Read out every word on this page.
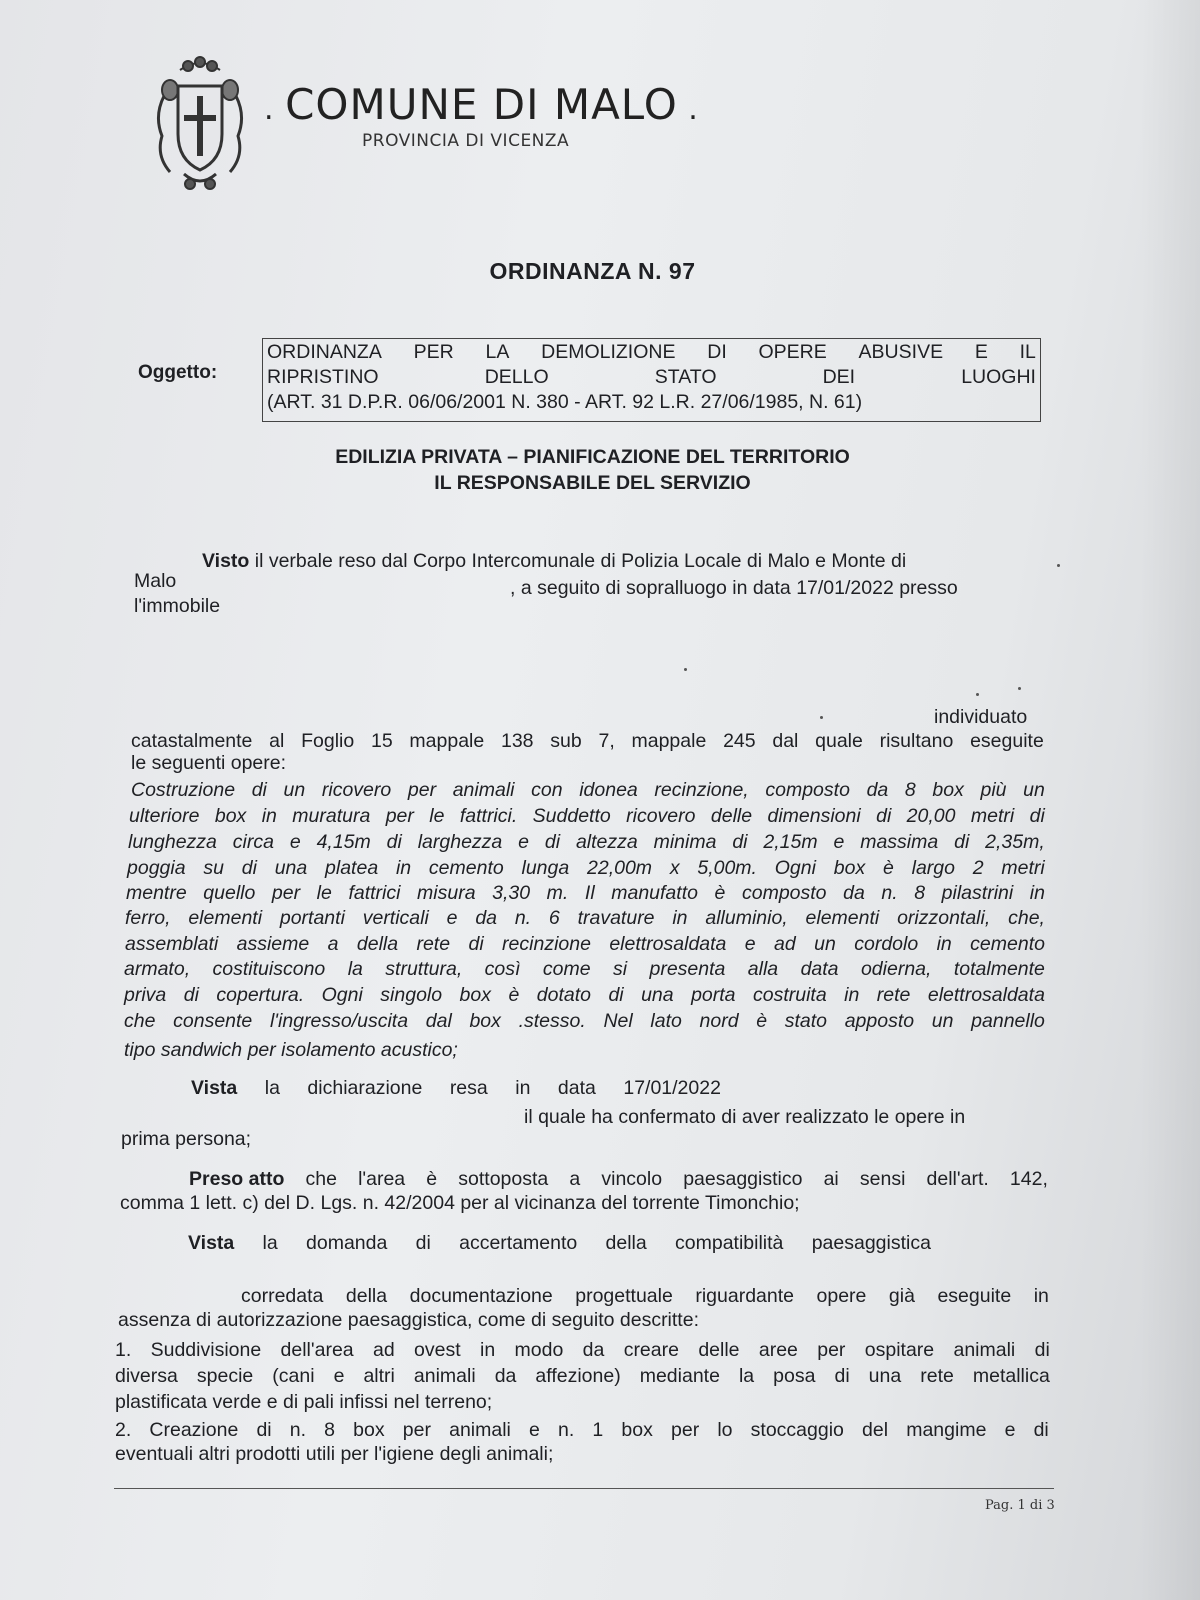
. COMUNE DI MALO .
PROVINCIA DI VICENZA
ORDINANZA N. 97
Oggetto:
ORDINANZA PER LA DEMOLIZIONE DI OPERE ABUSIVE E IL
RIPRISTINO	DELLO	STATO	DEI	LUOGHI
(ART. 31 D.P.R. 06/06/2001 N. 380 - ART. 92 L.R. 27/06/1985, N. 61)
EDILIZIA PRIVATA – PIANIFICAZIONE DEL TERRITORIO
IL RESPONSABILE DEL SERVIZIO
Visto il verbale reso dal Corpo Intercomunale di Polizia Locale di Malo e Monte di
Malo	, a seguito di sopralluogo in data 17/01/2022 presso
l'immobile
individuato
catastalmente al Foglio 15 mappale 138 sub 7, mappale 245 dal quale risultano eseguite
le seguenti opere:
Costruzione di un ricovero per animali con idonea recinzione, composto da 8 box più un
ulteriore box in muratura per le fattrici. Suddetto ricovero delle dimensioni di 20,00 metri di
lunghezza circa e 4,15m di larghezza e di altezza minima di 2,15m e massima di 2,35m,
poggia su di una platea in cemento lunga 22,00m x 5,00m. Ogni box è largo 2 metri
mentre quello per le fattrici misura 3,30 m. Il manufatto è composto da n. 8 pilastrini in
ferro, elementi portanti verticali e da n. 6 travature in alluminio, elementi orizzontali, che,
assemblati assieme a della rete di recinzione elettrosaldata e ad un cordolo in cemento
armato, costituiscono la struttura, così come si presenta alla data odierna, totalmente
priva di copertura. Ogni singolo box è dotato di una porta costruita in rete elettrosaldata
che consente l'ingresso/uscita dal box .stesso. Nel lato nord è stato apposto un pannello
tipo sandwich per isolamento acustico;
Vista la dichiarazione resa in data 17/01/2022
il quale ha confermato di aver realizzato le opere in
prima persona;
Preso atto che l'area è sottoposta a vincolo paesaggistico ai sensi dell'art. 142,
comma 1 lett. c) del D. Lgs. n. 42/2004 per al vicinanza del torrente Timonchio;
Vista la domanda di accertamento della compatibilità paesaggistica
corredata della documentazione progettuale riguardante opere già eseguite in
assenza di autorizzazione paesaggistica, come di seguito descritte:
1. Suddivisione dell'area ad ovest in modo da creare delle aree per ospitare animali di
diversa specie (cani e altri animali da affezione) mediante la posa di una rete metallica
plastificata verde e di pali infissi nel terreno;
2. Creazione di n. 8 box per animali e n. 1 box per lo stoccaggio del mangime e di
eventuali altri prodotti utili per l'igiene degli animali;
Pag. 1 di 3
